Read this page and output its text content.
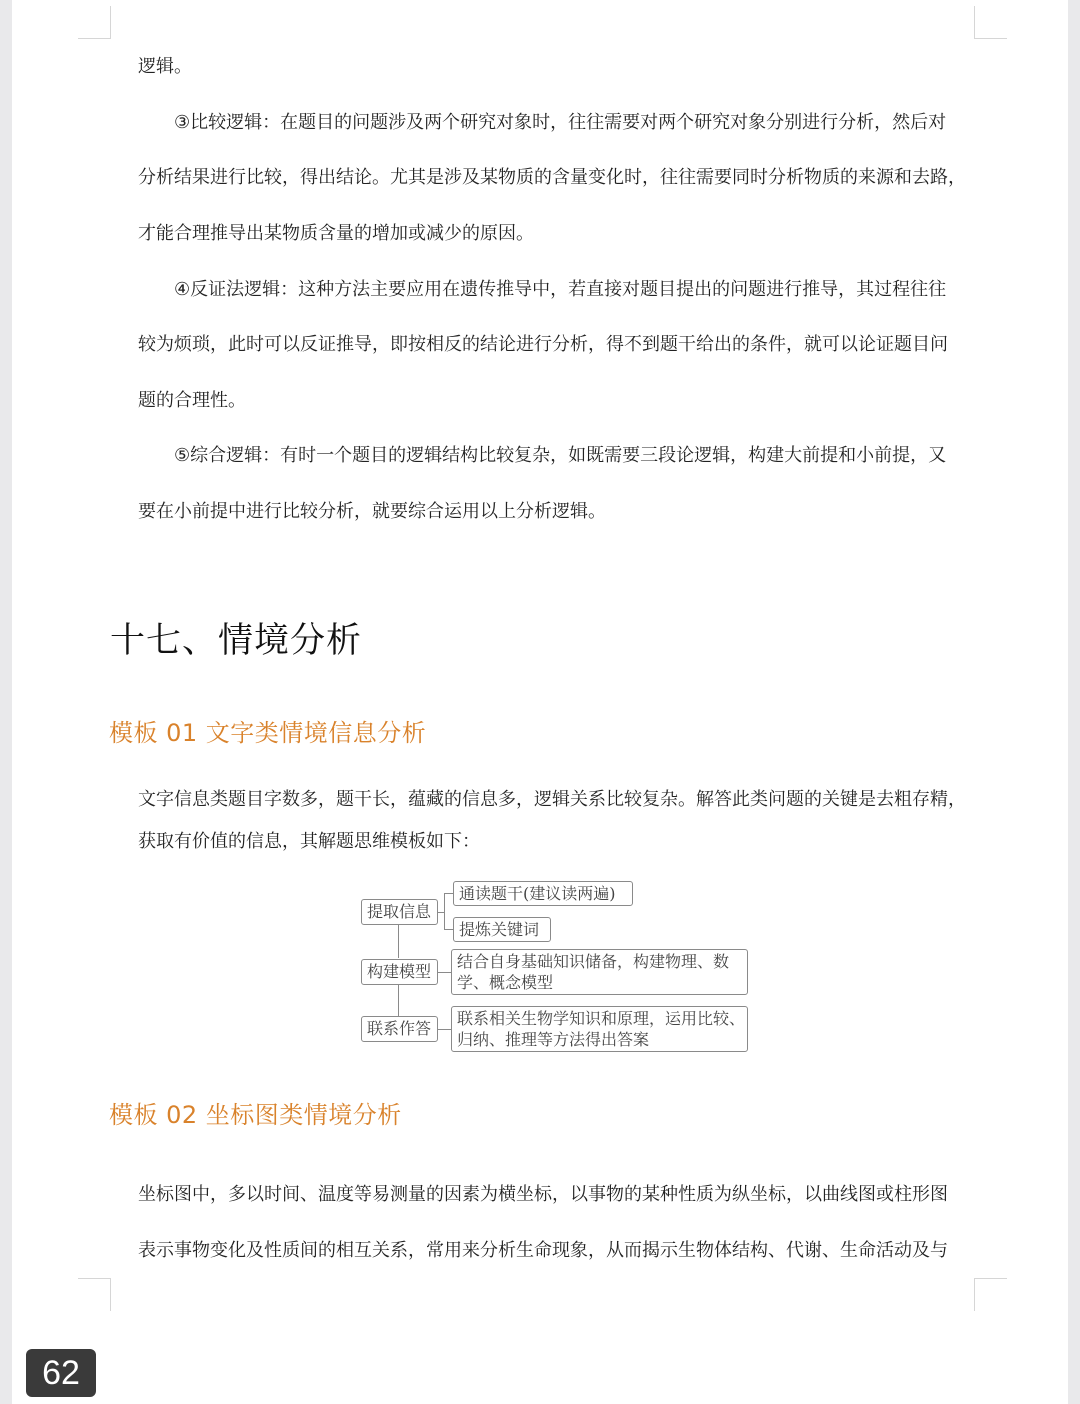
逻辑。
③比较逻辑：在题目的问题涉及两个研究对象时，往往需要对两个研究对象分别进行分析，然后对
分析结果进行比较，得出结论。尤其是涉及某物质的含量变化时，往往需要同时分析物质的来源和去路，
才能合理推导出某物质含量的增加或减少的原因。
④反证法逻辑：这种方法主要应用在遗传推导中，若直接对题目提出的问题进行推导，其过程往往
较为烦琐，此时可以反证推导，即按相反的结论进行分析，得不到题干给出的条件，就可以论证题目问
题的合理性。
⑤综合逻辑：有时一个题目的逻辑结构比较复杂，如既需要三段论逻辑，构建大前提和小前提，又
要在小前提中进行比较分析，就要综合运用以上分析逻辑。
十七、情境分析
模板 01 文字类情境信息分析
文字信息类题目字数多，题干长，蕴藏的信息多，逻辑关系比较复杂。解答此类问题的关键是去粗存精，
获取有价值的信息，其解题思维模板如下：
提取信息
构建模型
联系作答
通读题干(建议读两遍)
提炼关键词
结合自身基础知识储备，构建物理、数
学、概念模型
联系相关生物学知识和原理，运用比较、
归纳、推理等方法得出答案
模板 02 坐标图类情境分析
坐标图中，多以时间、温度等易测量的因素为横坐标，以事物的某种性质为纵坐标，以曲线图或柱形图
表示事物变化及性质间的相互关系，常用来分析生命现象，从而揭示生物体结构、代谢、生命活动及与
62
